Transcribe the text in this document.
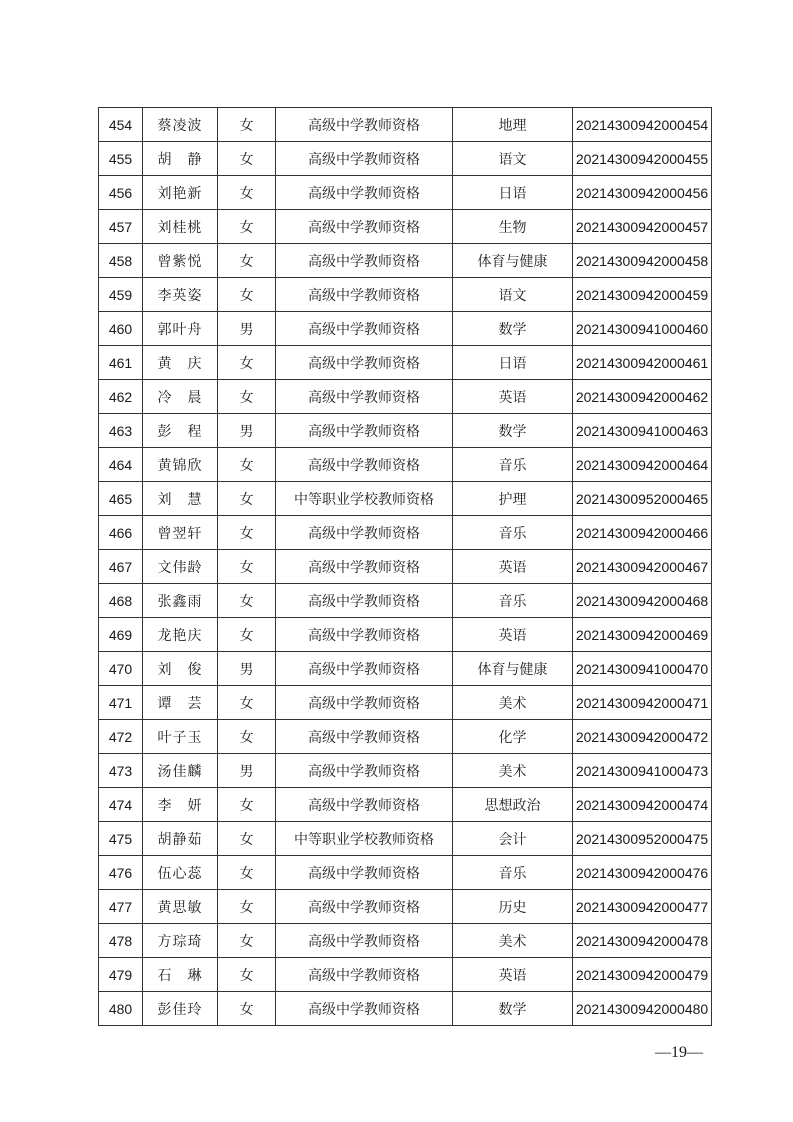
454	蔡凌波	女	高级中学教师资格	地理	20214300942000454
455	胡　静	女	高级中学教师资格	语文	20214300942000455
456	刘艳新	女	高级中学教师资格	日语	20214300942000456
457	刘桂桃	女	高级中学教师资格	生物	20214300942000457
458	曾紫悦	女	高级中学教师资格	体育与健康	20214300942000458
459	李英姿	女	高级中学教师资格	语文	20214300942000459
460	郭叶舟	男	高级中学教师资格	数学	20214300941000460
461	黄　庆	女	高级中学教师资格	日语	20214300942000461
462	冷　晨	女	高级中学教师资格	英语	20214300942000462
463	彭　程	男	高级中学教师资格	数学	20214300941000463
464	黄锦欣	女	高级中学教师资格	音乐	20214300942000464
465	刘　慧	女	中等职业学校教师资格	护理	20214300952000465
466	曾翌轩	女	高级中学教师资格	音乐	20214300942000466
467	文伟龄	女	高级中学教师资格	英语	20214300942000467
468	张鑫雨	女	高级中学教师资格	音乐	20214300942000468
469	龙艳庆	女	高级中学教师资格	英语	20214300942000469
470	刘　俊	男	高级中学教师资格	体育与健康	20214300941000470
471	谭　芸	女	高级中学教师资格	美术	20214300942000471
472	叶子玉	女	高级中学教师资格	化学	20214300942000472
473	汤佳麟	男	高级中学教师资格	美术	20214300941000473
474	李　妍	女	高级中学教师资格	思想政治	20214300942000474
475	胡静茹	女	中等职业学校教师资格	会计	20214300952000475
476	伍心蕊	女	高级中学教师资格	音乐	20214300942000476
477	黄思敏	女	高级中学教师资格	历史	20214300942000477
478	方琮琦	女	高级中学教师资格	美术	20214300942000478
479	石　琳	女	高级中学教师资格	英语	20214300942000479
480	彭佳玲	女	高级中学教师资格	数学	20214300942000480
—19—
